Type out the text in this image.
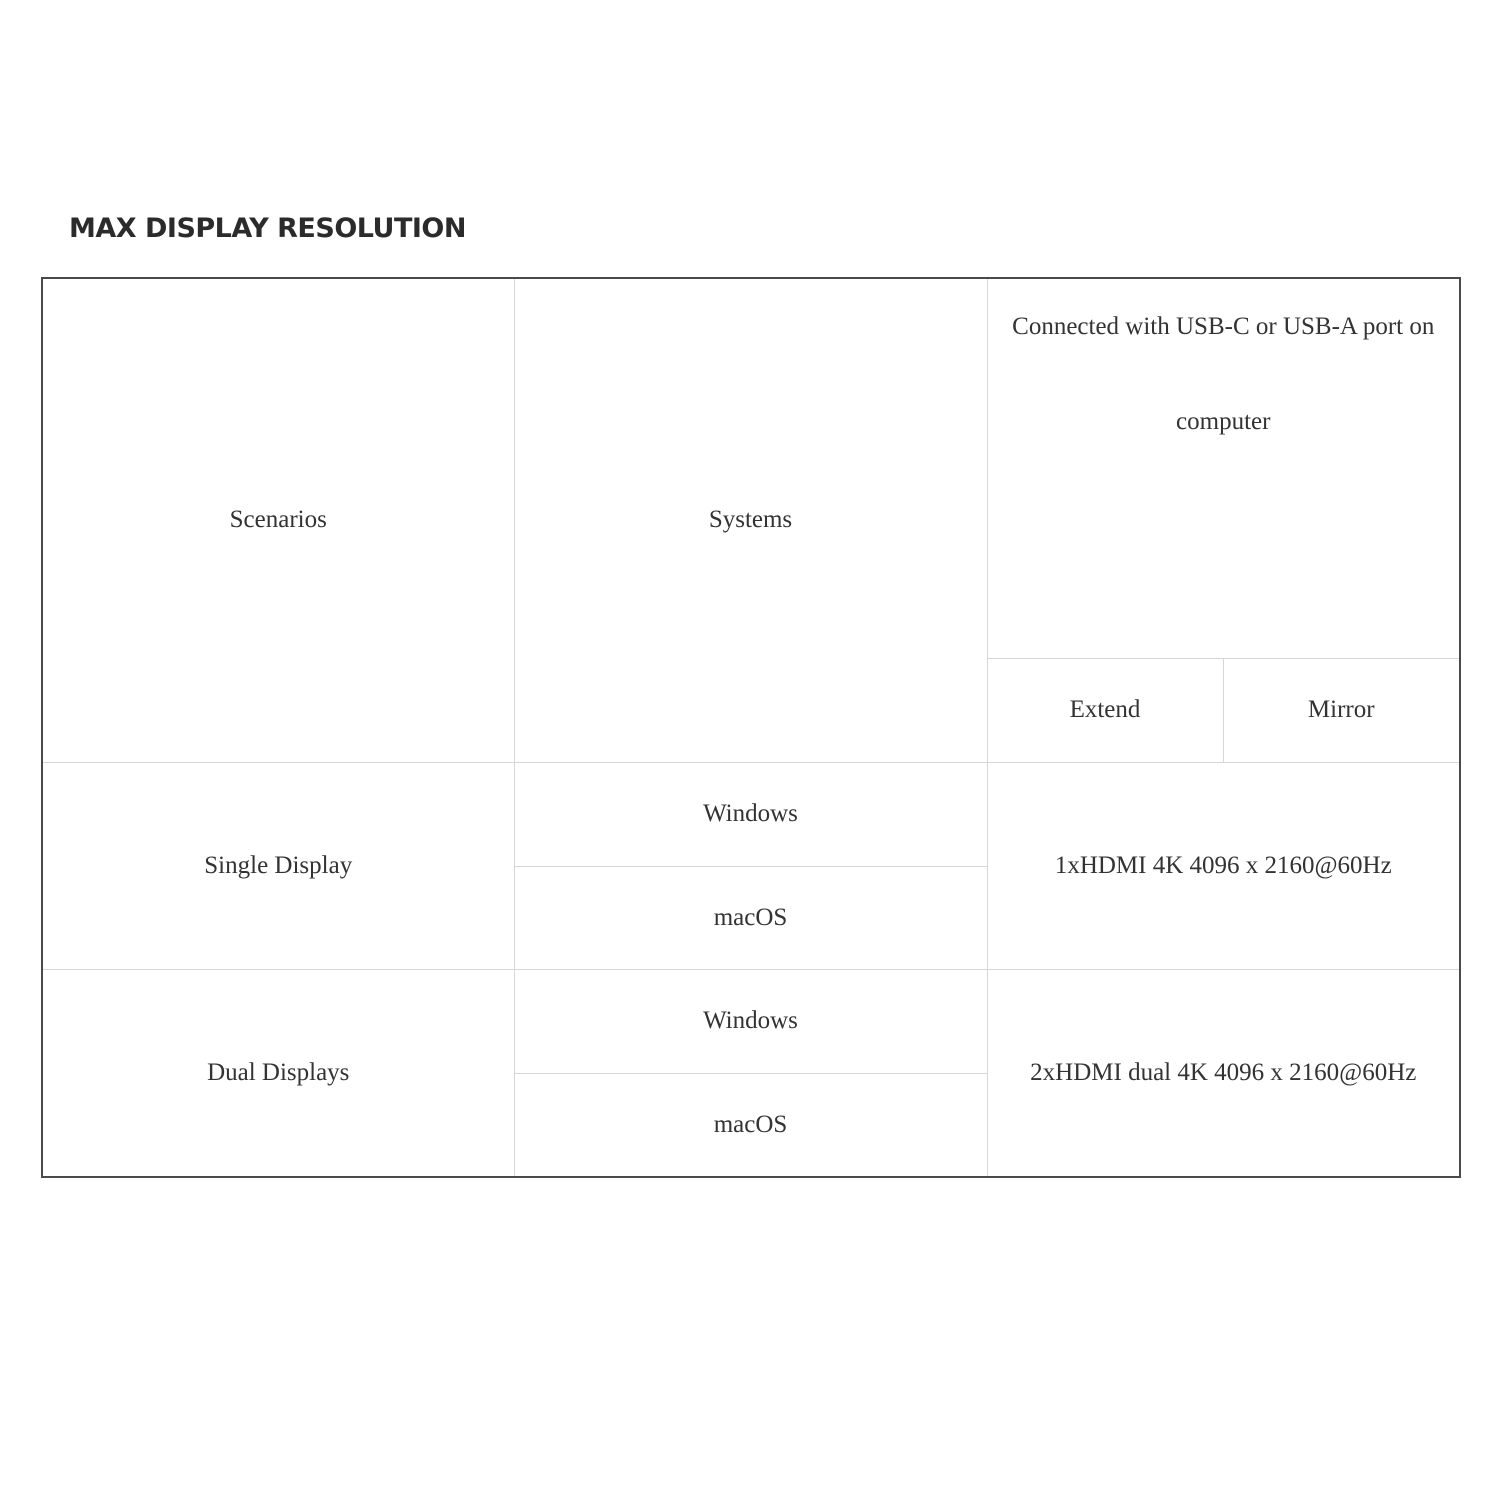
MAX DISPLAY RESOLUTION
Scenarios	Systems	Connected with USB-C or USB-A port on computer	

		Extend	Mirror
Single Display	Windows	1xHDMI 4K 4096 x 2160@60Hz	
	macOS		
Dual Displays	Windows	2xHDMI dual 4K 4096 x 2160@60Hz	
	macOS		
